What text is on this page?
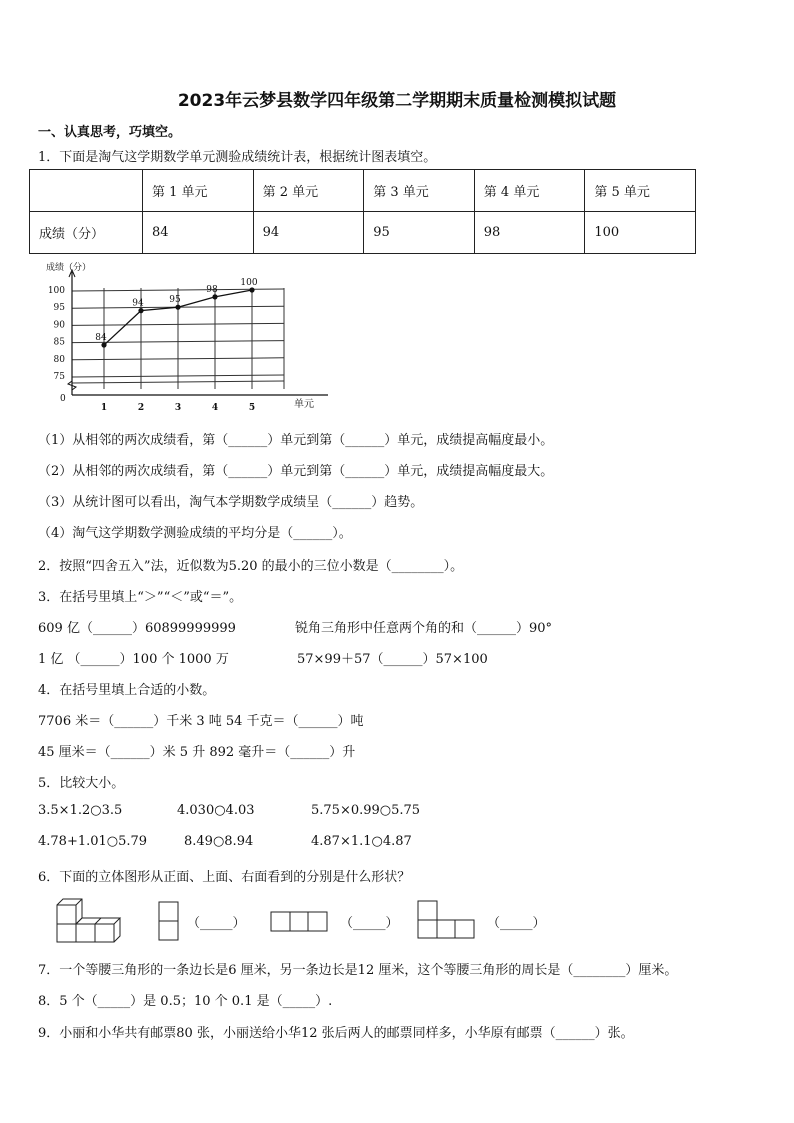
2023年云梦县数学四年级第二学期期末质量检测模拟试题
一、认真思考，巧填空。
1．下面是淘气这学期数学单元测验成绩统计表，根据统计图表填空。
	第 1 单元	第 2 单元	第 3 单元	第 4 单元	第 5 单元
成绩（分）	84	94	95	98	100
75
80
85
90
95
100
0
成绩（分）
单元
1	2	3	4	5
84
94	95
98
100
（1）从相邻的两次成绩看，第（______）单元到第（______）单元，成绩提高幅度最小。
（2）从相邻的两次成绩看，第（______）单元到第（______）单元，成绩提高幅度最大。
（3）从统计图可以看出，淘气本学期数学成绩呈（______）趋势。
（4）淘气这学期数学测验成绩的平均分是（______）。
2．按照“四舍五入”法，近似数为5.20 的最小的三位小数是（________）。
3．在括号里填上“＞”“＜”或“＝”。
609 亿（______）60899999999	锐角三角形中任意两个角的和（______）90°
1 亿 （______）100 个 1000 万	57×99＋57（______）57×100
4．在括号里填上合适的小数。
7706 米＝（______）千米 3 吨 54 千克＝（______）吨
45 厘米＝（______）米 5 升 892 毫升＝（______）升
5．比较大小。
3.5×1.2○3.5	4.030○4.03	5.75×0.99○5.75
4.78+1.01○5.79	8.49○8.94	4.87×1.1○4.87
6．下面的立体图形从正面、上面、右面看到的分别是什么形状？
（_____）	（_____）	（_____）
7．一个等腰三角形的一条边长是6 厘米，另一条边长是12 厘米，这个等腰三角形的周长是（________）厘米。
8．5 个（_____）是 0.5；10 个 0.1 是（_____）.
9．小丽和小华共有邮票80 张，小丽送给小华12 张后两人的邮票同样多，小华原有邮票（______）张。
